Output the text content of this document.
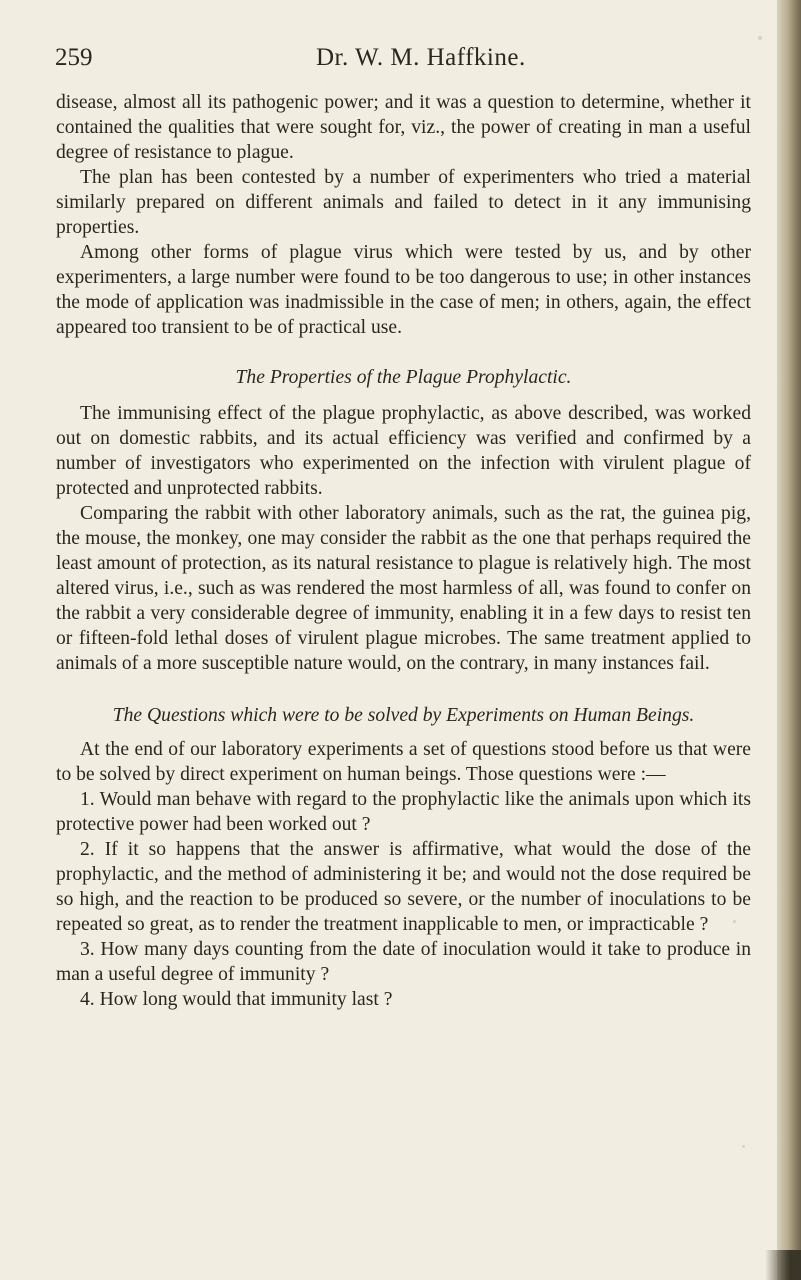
259	Dr. W. M. Haffkine.

disease, almost all its pathogenic power; and it was a question to determine, whether it contained the qualities that were sought for, viz., the power of creating in man a useful degree of resistance to plague.

The plan has been contested by a number of experimenters who tried a material similarly prepared on different animals and failed to detect in it any immunising properties.

Among other forms of plague virus which were tested by us, and by other experimenters, a large number were found to be too dangerous to use; in other instances the mode of application was inadmissible in the case of men; in others, again, the effect appeared too transient to be of practical use.

The Properties of the Plague Prophylactic.

The immunising effect of the plague prophylactic, as above described, was worked out on domestic rabbits, and its actual efficiency was verified and confirmed by a number of investigators who experimented on the infection with virulent plague of protected and unprotected rabbits.

Comparing the rabbit with other laboratory animals, such as the rat, the guinea pig, the mouse, the monkey, one may consider the rabbit as the one that perhaps required the least amount of protection, as its natural resistance to plague is relatively high. The most altered virus, i.e., such as was rendered the most harmless of all, was found to confer on the rabbit a very considerable degree of immunity, enabling it in a few days to resist ten or fifteen-fold lethal doses of virulent plague microbes. The same treatment applied to animals of a more susceptible nature would, on the contrary, in many instances fail.

The Questions which were to be solved by Experiments on Human Beings.

At the end of our laboratory experiments a set of questions stood before us that were to be solved by direct experiment on human beings. Those questions were :—

1. Would man behave with regard to the prophylactic like the animals upon which its protective power had been worked out ?

2. If it so happens that the answer is affirmative, what would the dose of the prophylactic, and the method of administering it be; and would not the dose required be so high, and the reaction to be produced so severe, or the number of inoculations to be repeated so great, as to render the treatment inapplicable to men, or impracticable ?

3. How many days counting from the date of inoculation would it take to produce in man a useful degree of immunity ?

4. How long would that immunity last ?
